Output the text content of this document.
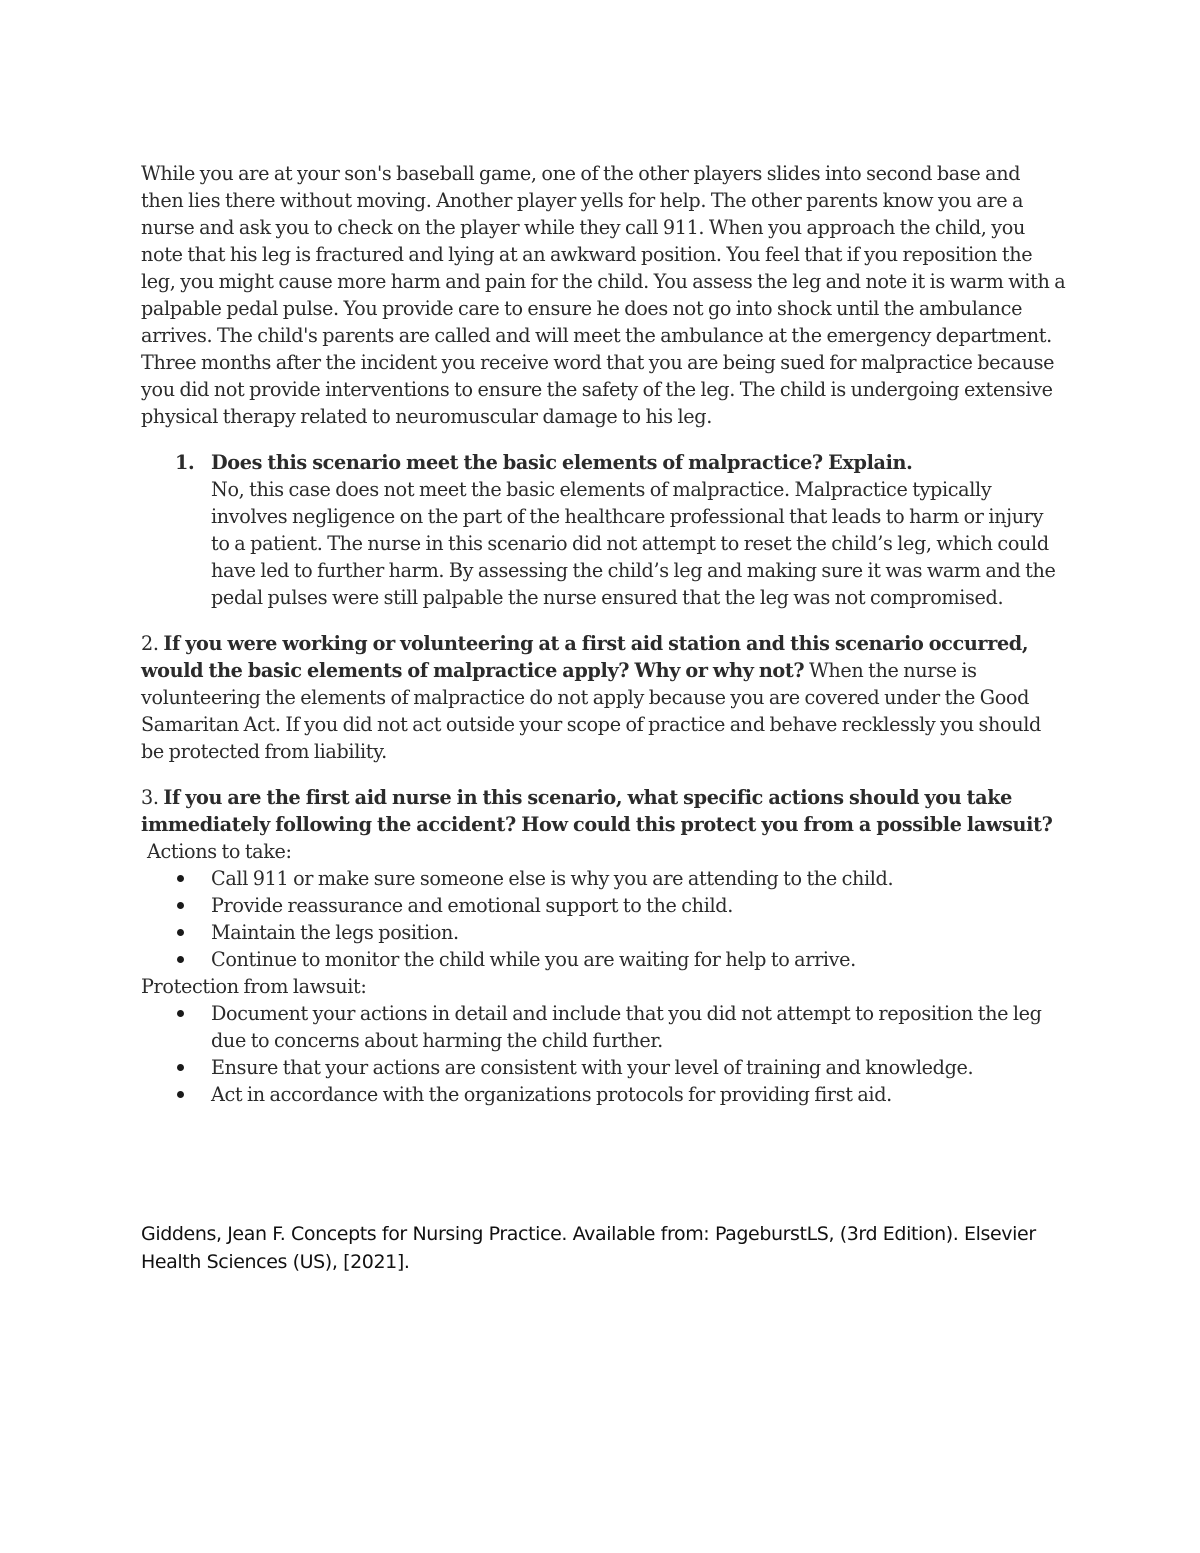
While you are at your son's baseball game, one of the other players slides into second base and then lies there without moving. Another player yells for help. The other parents know you are a nurse and ask you to check on the player while they call 911. When you approach the child, you note that his leg is fractured and lying at an awkward position. You feel that if you reposition the leg, you might cause more harm and pain for the child. You assess the leg and note it is warm with a palpable pedal pulse. You provide care to ensure he does not go into shock until the ambulance arrives. The child's parents are called and will meet the ambulance at the emergency department. Three months after the incident you receive word that you are being sued for malpractice because you did not provide interventions to ensure the safety of the leg. The child is undergoing extensive physical therapy related to neuromuscular damage to his leg.

1. Does this scenario meet the basic elements of malpractice? Explain.
No, this case does not meet the basic elements of malpractice. Malpractice typically involves negligence on the part of the healthcare professional that leads to harm or injury to a patient. The nurse in this scenario did not attempt to reset the child’s leg, which could have led to further harm. By assessing the child’s leg and making sure it was warm and the pedal pulses were still palpable the nurse ensured that the leg was not compromised.

2. If you were working or volunteering at a first aid station and this scenario occurred, would the basic elements of malpractice apply? Why or why not? When the nurse is volunteering the elements of malpractice do not apply because you are covered under the Good Samaritan Act. If you did not act outside your scope of practice and behave recklessly you should be protected from liability.

3. If you are the first aid nurse in this scenario, what specific actions should you take immediately following the accident? How could this protect you from a possible lawsuit?

Actions to take:

Call 911 or make sure someone else is why you are attending to the child.
Provide reassurance and emotional support to the child.
Maintain the legs position.
Continue to monitor the child while you are waiting for help to arrive.

Protection from lawsuit:

Document your actions in detail and include that you did not attempt to reposition the leg due to concerns about harming the child further.
Ensure that your actions are consistent with your level of training and knowledge.
Act in accordance with the organizations protocols for providing first aid.

Giddens, Jean F. Concepts for Nursing Practice. Available from: PageburstLS, (3rd Edition). Elsevier Health Sciences (US), [2021].
